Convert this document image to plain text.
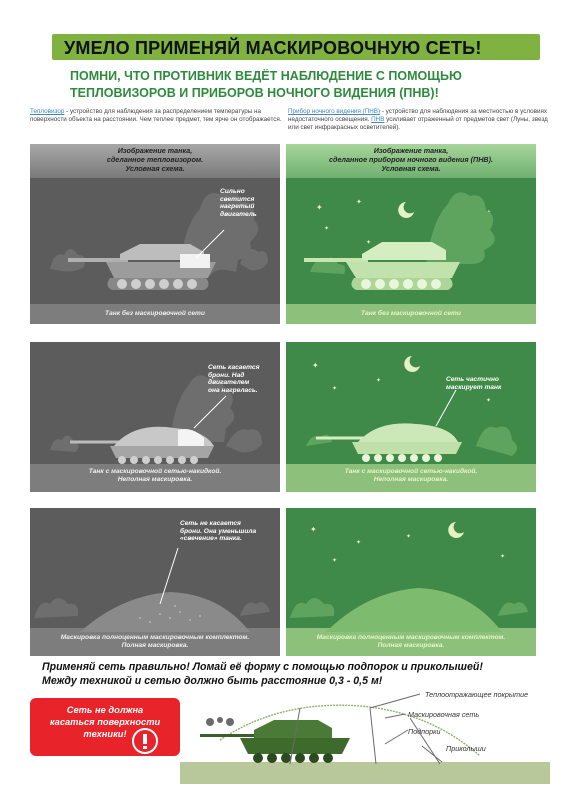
УМЕЛО ПРИМЕНЯЙ МАСКИРОВОЧНУЮ СЕТЬ!
ПОМНИ, ЧТО ПРОТИВНИК ВЕДЁТ НАБЛЮДЕНИЕ С ПОМОЩЬЮ
ТЕПЛОВИЗОРОВ И ПРИБОРОВ НОЧНОГО ВИДЕНИЯ (ПНВ)!
Тепловизор - устройство для наблюдения за распределением температуры на поверхности объекта на расстоянии. Чем теплее предмет, тем ярче он отображается.
Прибор ночного видения (ПНВ) - устройство для наблюдения за местностью в условиях недостаточного освещения. ПНВ усиливает отраженный от предметов свет (Луны, звезд или свет инфракрасных осветителей).
Изображение танка,
сделанное тепловизором.
Условная схема.
Сильно
светится
нагретый
двигатель
Танк без маскировочной сети
Сеть касается
брони. Над
двигателем
она нагрелась.
Танк с маскировочной сетью-накидкой.
Неполная маскировка.
Сеть не касается
брони. Она уменьшила
«свечение» танка.
Маскировка полноценным маскировочным комплектом.
Полная маскировка.
✦
✦
✦
✦
Изображение танка,
сделанное прибором ночного видения (ПНВ).
Условная схема.
Танк без маскировочной сети
✦
✦
✦
✦
Сеть частично
маскирует танк
Танк с маскировочной сетью-накидкой.
Неполная маскировка.
✦
✦
✦
✦
✦
Маскировка полноценным маскировочным комплектом.
Полная маскировка.
Применяй сеть правильно! Ломай её форму с помощью подпорок и приколышей!
Между техникой и сетью должно быть расстояние 0,3 - 0,5 м!
Сеть не должна
касаться поверхности
техники!
Теплоотражающее покрытие
Маскировочная сеть
Подпорки
Приколыши
